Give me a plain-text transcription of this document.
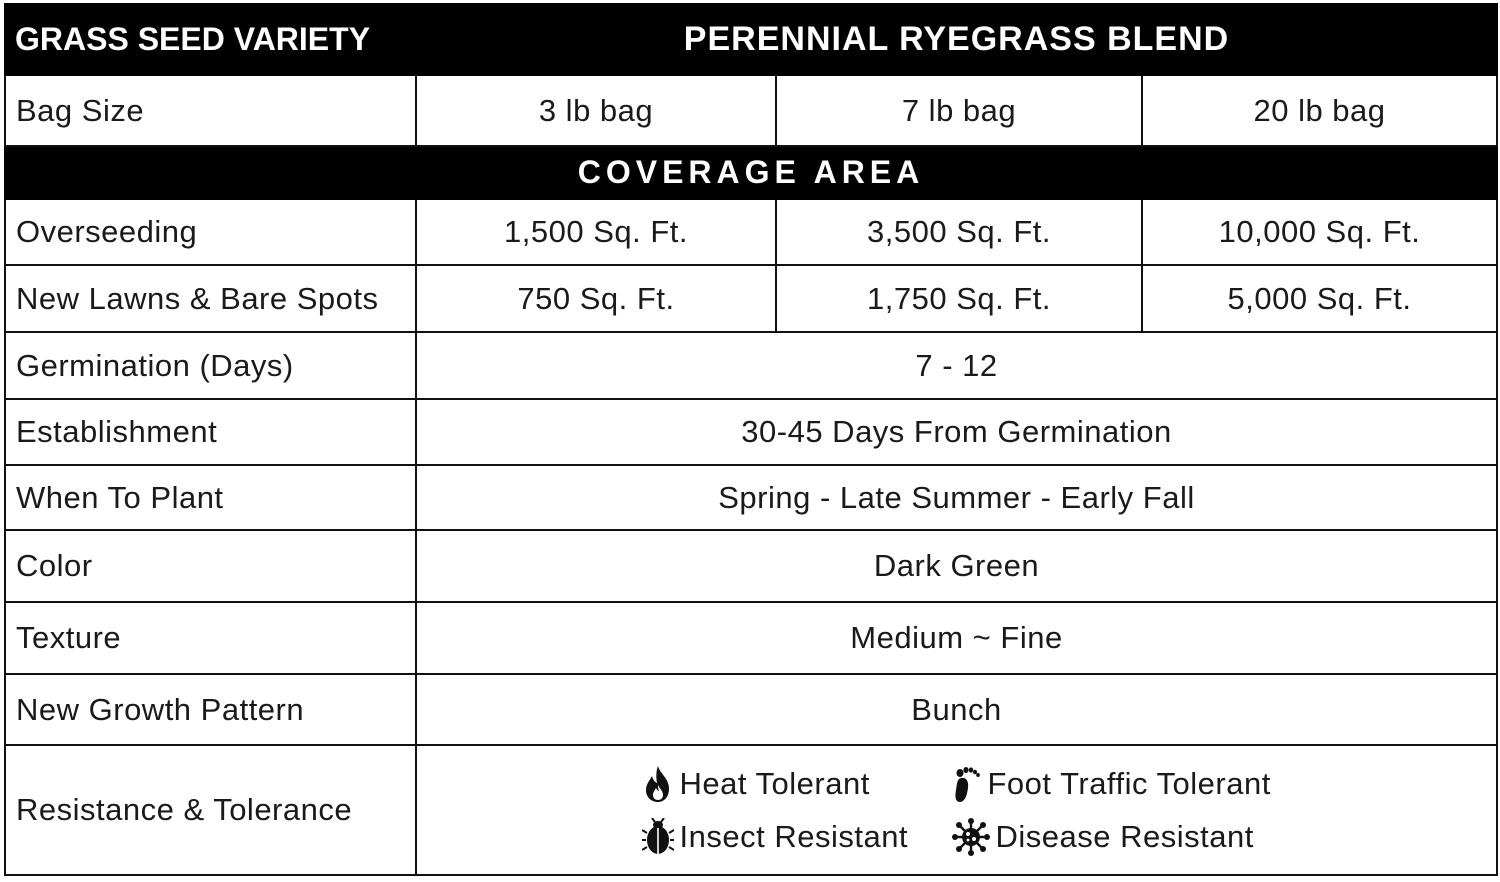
GRASS SEED VARIETY	PERENNIAL RYEGRASS BLEND		
Bag Size	3 lb bag	7 lb bag	20 lb bag
COVERAGE AREA			
Overseeding	1,500 Sq. Ft.	3,500 Sq. Ft.	10,000 Sq. Ft.
New Lawns & Bare Spots	750 Sq. Ft.	1,750 Sq. Ft.	5,000 Sq. Ft.
Germination (Days)	7 - 12		
Establishment	30-45 Days From Germination		
When To Plant	Spring - Late Summer - Early Fall		
Color	Dark Green		
Texture	Medium ~ Fine		
New Growth Pattern	Bunch		
Resistance & Tolerance	Heat Tolerant Foot Traffic Tolerant
Insect Resistant Disease Resistant		
